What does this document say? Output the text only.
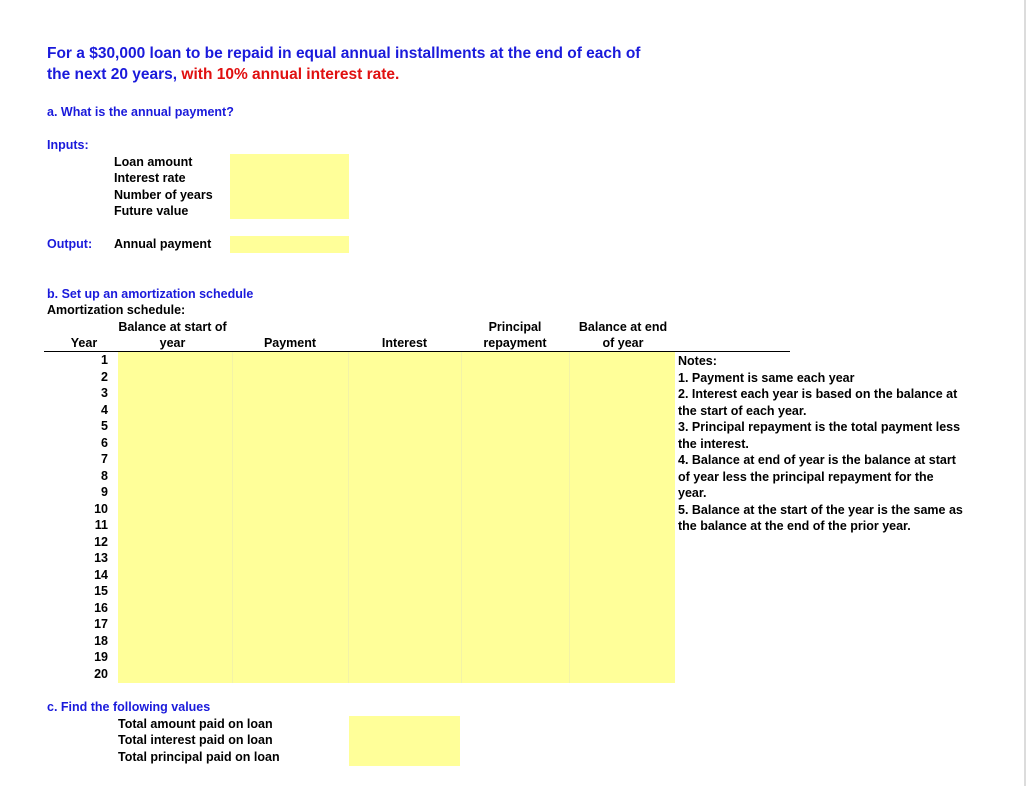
For a $30,000 loan to be repaid in equal annual installments at the end of each of
the next 20 years, with 10% annual interest rate.
a. What is the annual payment?
Inputs:
Loan amount
Interest rate
Number of years
Future value
Output: Annual payment
b. Set up an amortization schedule
Amortization schedule:
Year
Balance at start of
year	Payment	Interest
Principal
repayment
Balance at end
of year
1
2
3
4
5
6
7
8
9
10
11
12
13
14
15
16
17
18
19
20
Notes:
1. Payment is same each year
2. Interest each year is based on the balance at the start of each year.
3. Principal repayment is the total payment less the interest.
4. Balance at end of year is the balance at start of year less the principal repayment for the year.
5. Balance at the start of the year is the same as the balance at the end of the prior year.
c. Find the following values
Total amount paid on loan
Total interest paid on loan
Total principal paid on loan
